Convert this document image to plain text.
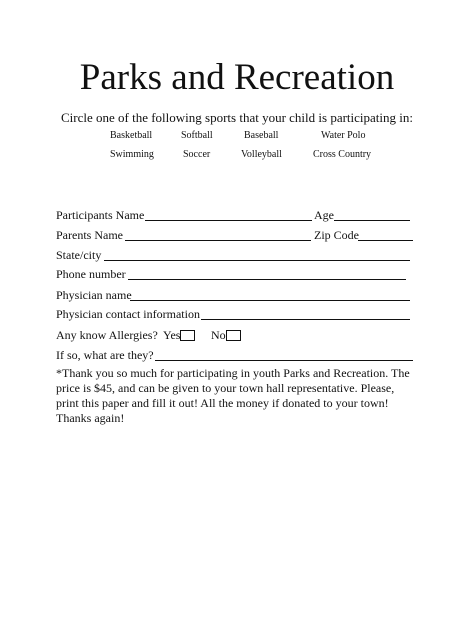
Parks and Recreation
Circle one of the following sports that your child is participating in:
Basketball	Softball	Baseball	Water Polo
Swimming	Soccer	Volleyball	Cross Country
Participants Name	Age
Parents Name	Zip Code
State/city
Phone number
Physician name
Physician contact information
Any know Allergies? Yes	No
If so, what are they?
*Thank you so much for participating in youth Parks and Recreation. The price is $45, and can be given to your town hall representative. Please, print this paper and fill it out! All the money if donated to your town! Thanks again!
